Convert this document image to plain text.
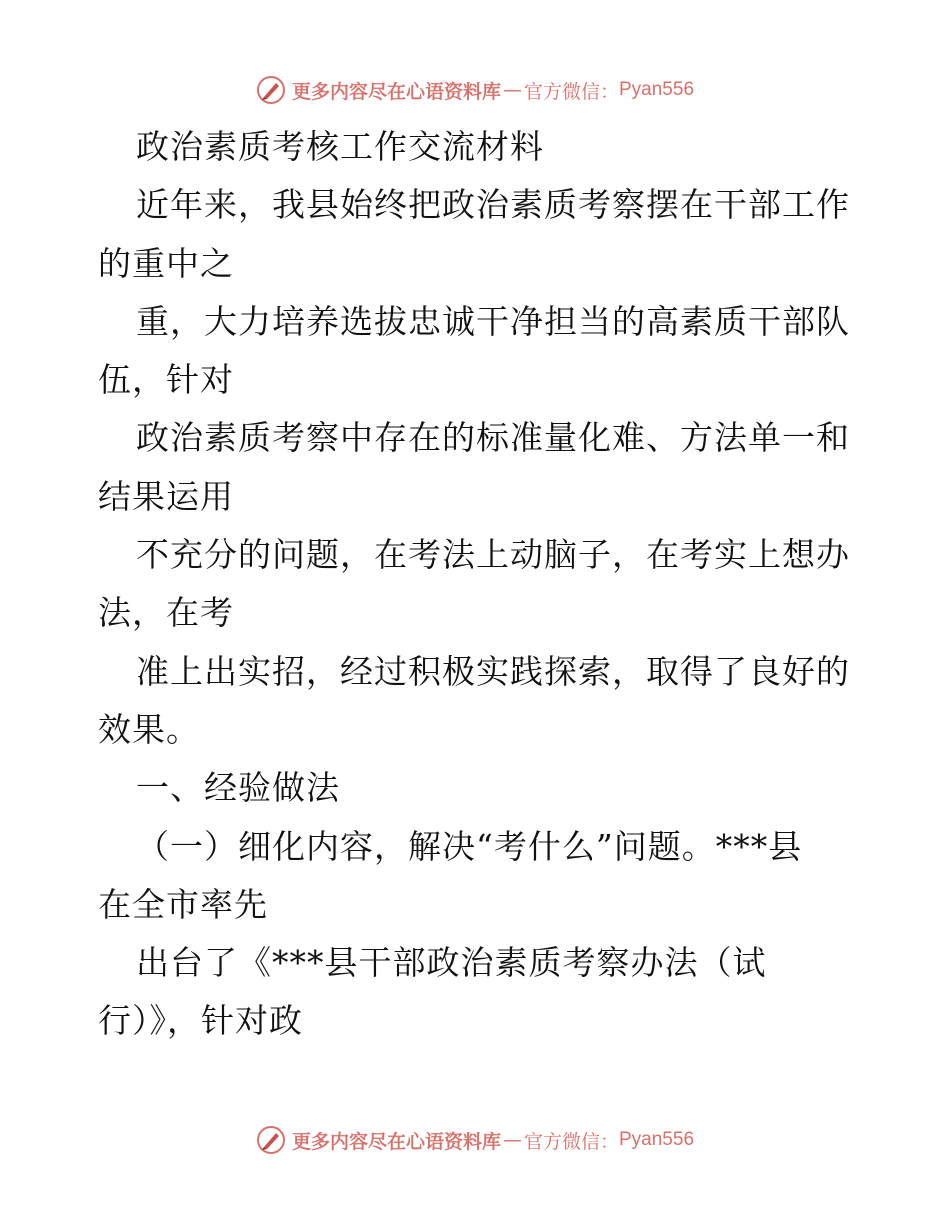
更多内容尽在心语资料库 — 官方微信： Pyan556
政治素质考核工作交流材料
近年来，我县始终把政治素质考察摆在干部工作
的重中之
重，大力培养选拔忠诚干净担当的高素质干部队
伍，针对
政治素质考察中存在的标准量化难、方法单一和
结果运用
不充分的问题，在考法上动脑子，在考实上想办
法，在考
准上出实招，经过积极实践探索，取得了良好的
效果。
一、经验做法
（一）细化内容，解决“考什么”问题。***县
在全市率先
出台了《***县干部政治素质考察办法（试
行）》，针对政
更多内容尽在心语资料库 — 官方微信： Pyan556
